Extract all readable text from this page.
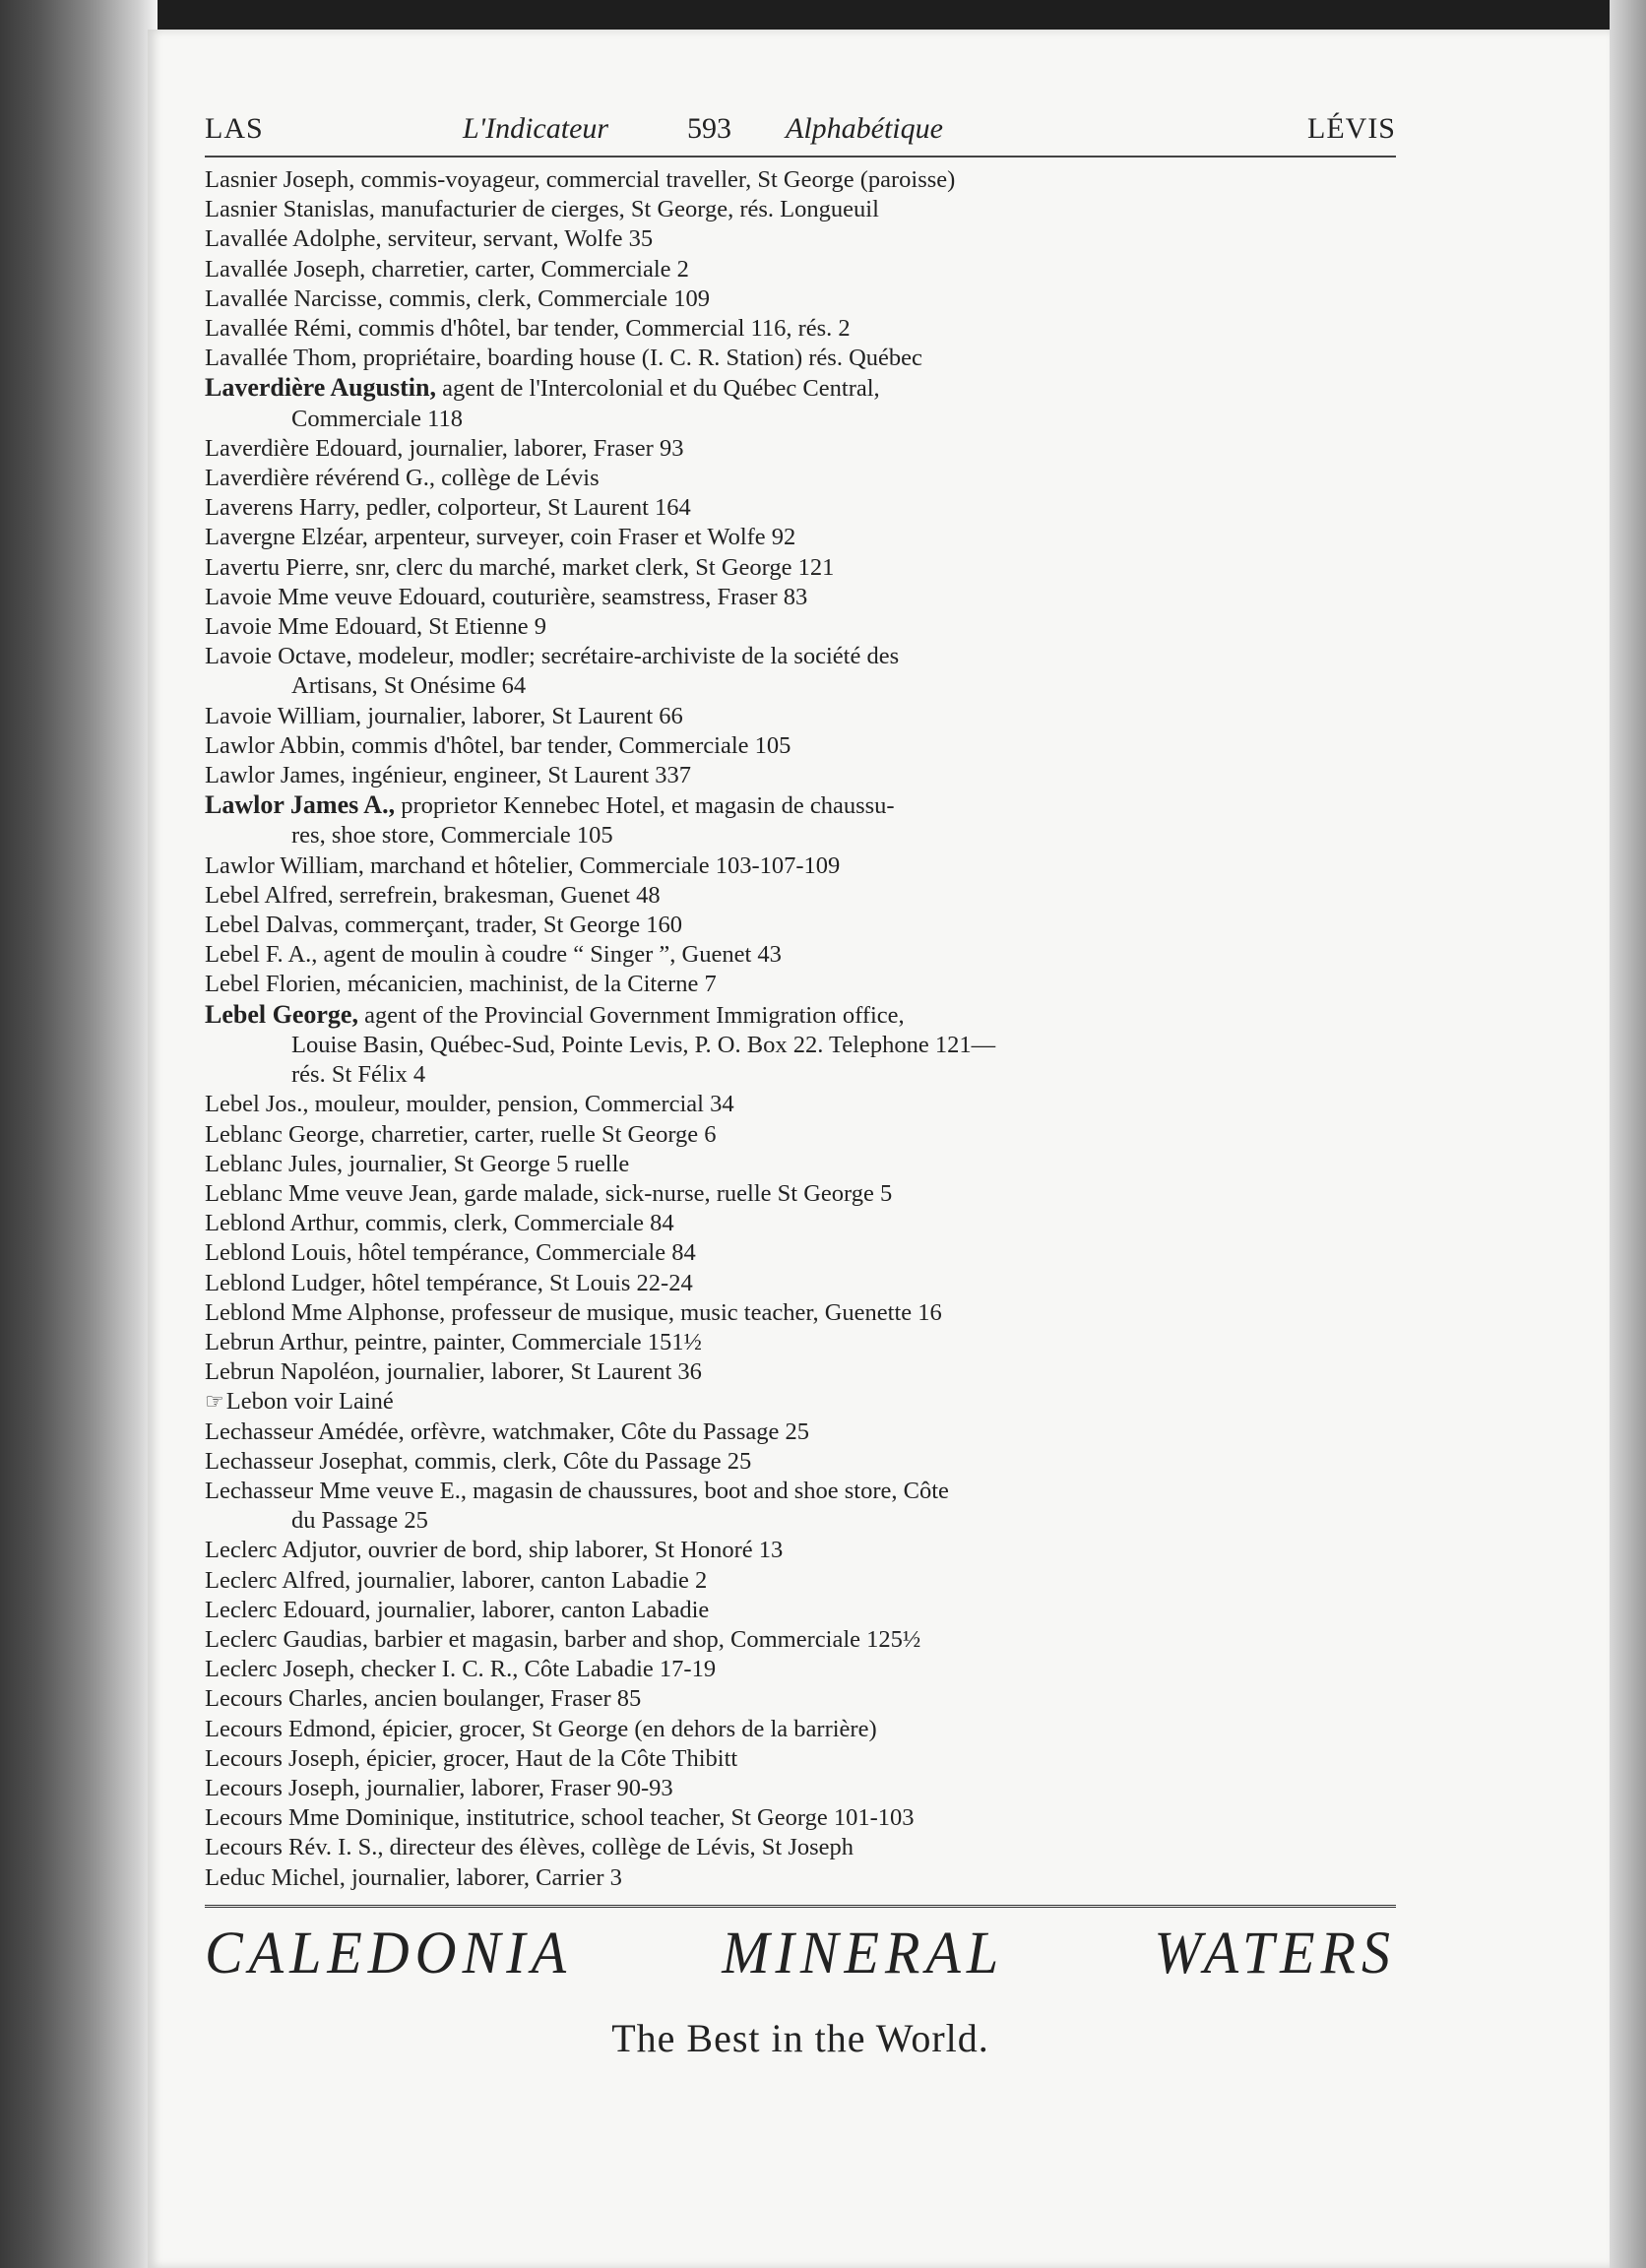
LAS	L'Indicateur	593 Alphabétique	LÉVIS
Lasnier Joseph, commis-voyageur, commercial traveller, St George (paroisse)
Lasnier Stanislas, manufacturier de cierges, St George, rés. Longueuil
Lavallée Adolphe, serviteur, servant, Wolfe 35
Lavallée Joseph, charretier, carter, Commerciale 2
Lavallée Narcisse, commis, clerk, Commerciale 109
Lavallée Rémi, commis d'hôtel, bar tender, Commercial 116, rés. 2
Lavallée Thom, propriétaire, boarding house (I. C. R. Station) rés. Québec
Laverdière Augustin, agent de l'Intercolonial et du Québec Central,
Commerciale 118
Laverdière Edouard, journalier, laborer, Fraser 93
Laverdière révérend G., collège de Lévis
Laverens Harry, pedler, colporteur, St Laurent 164
Lavergne Elzéar, arpenteur, surveyer, coin Fraser et Wolfe 92
Lavertu Pierre, snr, clerc du marché, market clerk, St George 121
Lavoie Mme veuve Edouard, couturière, seamstress, Fraser 83
Lavoie Mme Edouard, St Etienne 9
Lavoie Octave, modeleur, modler; secrétaire-archiviste de la société des
Artisans, St Onésime 64
Lavoie William, journalier, laborer, St Laurent 66
Lawlor Abbin, commis d'hôtel, bar tender, Commerciale 105
Lawlor James, ingénieur, engineer, St Laurent 337
Lawlor James A., proprietor Kennebec Hotel, et magasin de chaussu-
res, shoe store, Commerciale 105
Lawlor William, marchand et hôtelier, Commerciale 103-107-109
Lebel Alfred, serrefrein, brakesman, Guenet 48
Lebel Dalvas, commerçant, trader, St George 160
Lebel F. A., agent de moulin à coudre “ Singer ”, Guenet 43
Lebel Florien, mécanicien, machinist, de la Citerne 7
Lebel George, agent of the Provincial Government Immigration office,
Louise Basin, Québec-Sud, Pointe Levis, P. O. Box 22. Telephone 121—
rés. St Félix 4
Lebel Jos., mouleur, moulder, pension, Commercial 34
Leblanc George, charretier, carter, ruelle St George 6
Leblanc Jules, journalier, St George 5 ruelle
Leblanc Mme veuve Jean, garde malade, sick-nurse, ruelle St George 5
Leblond Arthur, commis, clerk, Commerciale 84
Leblond Louis, hôtel tempérance, Commerciale 84
Leblond Ludger, hôtel tempérance, St Louis 22-24
Leblond Mme Alphonse, professeur de musique, music teacher, Guenette 16
Lebrun Arthur, peintre, painter, Commerciale 151½
Lebrun Napoléon, journalier, laborer, St Laurent 36
☞Lebon voir Lainé
Lechasseur Amédée, orfèvre, watchmaker, Côte du Passage 25
Lechasseur Josephat, commis, clerk, Côte du Passage 25
Lechasseur Mme veuve E., magasin de chaussures, boot and shoe store, Côte
du Passage 25
Leclerc Adjutor, ouvrier de bord, ship laborer, St Honoré 13
Leclerc Alfred, journalier, laborer, canton Labadie 2
Leclerc Edouard, journalier, laborer, canton Labadie
Leclerc Gaudias, barbier et magasin, barber and shop, Commerciale 125½
Leclerc Joseph, checker I. C. R., Côte Labadie 17-19
Lecours Charles, ancien boulanger, Fraser 85
Lecours Edmond, épicier, grocer, St George (en dehors de la barrière)
Lecours Joseph, épicier, grocer, Haut de la Côte Thibitt
Lecours Joseph, journalier, laborer, Fraser 90-93
Lecours Mme Dominique, institutrice, school teacher, St George 101-103
Lecours Rév. I. S., directeur des élèves, collège de Lévis, St Joseph
Leduc Michel, journalier, laborer, Carrier 3
CALEDONIA	MINERAL	WATERS
The Best in the World.
